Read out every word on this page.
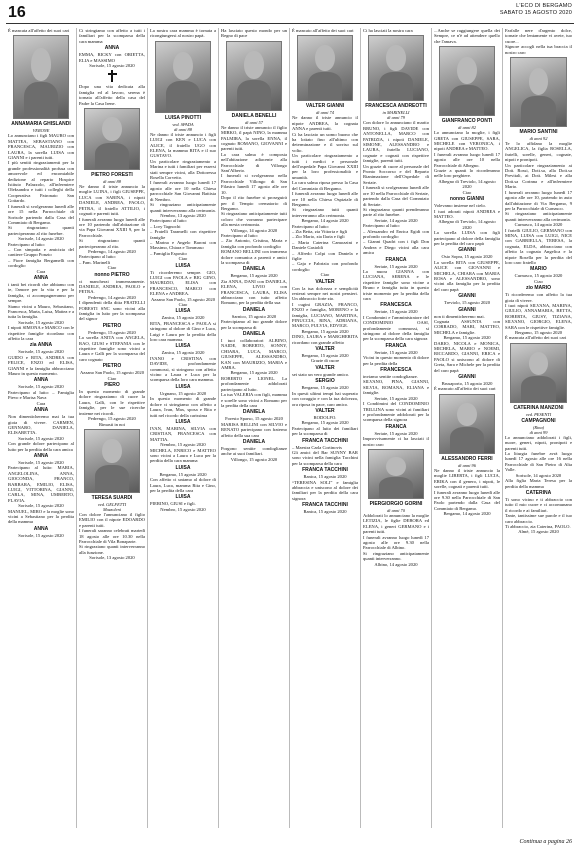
16	L'ECO DI BERGAMO
SABATO 15 AGOSTO 2020
È mancata all'affetto dei suoi cari
ANNAMARIA GHISLANDI
VERONE
Lo annunciano i figli MAURO con MATTEA, SEBASTIANO con FRANCESCA, MAURIZIO con LAURA, la sorella LUISA con GIANNI e i parenti tutti.
I più sentiti ringraziamenti per la grande professionalità profusa con amorevole ed encomiabile dedizione al reparto Hospice Istituto Palazzolo, all'infermiere Oleksandra e tutti i colleghi della Cooperativa Patronato San Gottardo.
I funerali si svolgeranno lunedì alle ore 15 nella Parrocchiale di Sorisole partendo dalla Casa del Commiato di Bergamo.
Si ringraziano quanti parteciperanno al rito funebre.
Sorisole, 14 agosto 2020
Partecipano al lutto:
– Con simpatia e amicizia del cantiere Gruppo Ponzio
– Fiore famiglia Bergamelli con cordoglio
Cara
ANNA
i tanti bei ricordi che abbiamo con te, l'amore per la vita e per la famiglia, ci accompagneranno per sempre.
Siamo vicini a Mauro, Sebastiano, Francesca, Marta, Luisa, Mattea e a tutta la famiglia.
Sorisole, 15 agosto 2020
I nipoti SIMONA e MARCO con le rispettive famiglie ricordano con affetto la cara
zia ANNA
Sorisole, 15 agosto 2020
GUIDO e RITA, ANDREA con FELICE, ENZO ed ELISA, GIANNI e la famiglia abbracciano Mauro in questo momento.
ANNA
Sorisole, 15 agosto 2020
Partecipano al lutto: – Famiglia Pievo e Marisa Nava
Cara
ANNA
Non dimenticheremo mai la tua gioia di vivere. CARMEN, GENNARO, DANIELA, ELISABETTA.
Sorisole, 15 agosto 2020
Con grande dolore partecipano al lutto per la perdita della cara amica
ANNA
Sorisole, 15 agosto 2020
Partecipano al lutto: MARIA, ANGELOLINA, ANNA, GIOCONDA, FRANCO, BARBARA, EMILIO, ELISA, LUIGI, VITTORINA, GIANNI, CARLA, MINA, UMBERTO, FLAVIA.
Sorisole, 15 agosto 2020
MANUEL, MIRO e la moglie sono vicini a Sebastiano per la perdita della mamma
ANNA
Sorisole, 15 agosto 2020
Ci stringiamo con affetto a tutti i familiari per la scomparsa della cara mamma
ANNA
EMMA, RICKY con ORIETTA, ELIA e MASSIMO
Sorisole, 15 agosto 2020
Dopo una vita dedicata alla famiglia ed al lavoro, serena è tornata all'affetto della casa del Padre la Casa Irene.
PIETRO FORESTI
di anni 88
Ne danno il triste annuncio la moglie LUINA, i figli GIUSEPPE, LUCA con SABINA, i nipoti DANIELE, ANDREA, PAOLO, PETRA, il fratello ATTILIO, i cognati e parenti tutti.
I funerali avranno luogo lunedì alle ore 10 partendo dall'abitazione di via Papa Giovanni XXIII 9, per la Parrocchiale.
Si ringraziano quanti parteciperanno al rito.
Pedrengo, 14 agosto 2020
Partecipano al lutto:
– Fam. Marinelli
Ciao
nonno PIETRO
ci mancherai immensamente. DANIELE, ANDREA, PAOLO e PETRA.
Pedrengo, 14 agosto 2020
I dipendenti della ditta FRATELLI FORESTI SNC sono vicini alla famiglia in lutto per la scomparsa del signor
PIETRO
Pedrengo, 15 agosto 2020
La sorella ANITA con ANGELA, RAO, GIUSI e STEFANIA con le rispettive famiglie sono vicini a Laura e Galli per la scomparsa del caro cognato
PIETRO
Azzano San Paolo, 15 agosto 2020
Ciao
PIERO
In questo momento di grande dolore ringraziamo di cuore la Laura, Galli, con le rispettive famiglie, per le sue ricerche insieme nei ricordi.
Pedrengo, 15 agosto 2020
Rimasti in noi
TERESA SUARDI
ved. GELFETTI
Mazzoleni
Con dolore l'annunciano il figlio EMILIO con il nipote EDOARDO e parenti tutti.
I funerali saranno celebrati martedì 18 agosto alle ore 10.30 nella Parrocchiale di Vila Bonaparte.
Si ringraziano quanti interverranno alla funzione.
Sorisole, 13 agosto 2020
La nostra cara mamma è tornata a ricongiungersi al nostro papà.
LUISA PINOTTI
ved. SPADA
di anni 88
Ne danno il triste annuncio i figli LUIGI con KEN e LUCA con ALICE, il fratello UGO con ELENA, la mamma RITA e il suo GUSTAVO.
Un particolare ringraziamento a Marina e tutti i familiari per essersi stati sempre vicini, alla Dottoressa Rosella Corvetto.
I funerali avranno luogo lunedì 17 agosto alle ore 10 nella Chiesa parrocchiale San Giovanni Battista di Nembro.
Si ringraziano anticipatamente quanti interverranno alla cerimonia.
Nembro, 13 agosto 2020
Partecipano al lutto:
– Lory Tagnochi
– Fratelli Taramelli con rispettive famiglie
– Marina e Angelo Baroni con Massimo, Chiara e Tommaso
– Famiglia Esposito
Ciao
LUISA
Ti ricorderemo sempre. GIO, LUIGI con PAOLA e BIG GINO, MAURIZIO, ELISA con FRANCESCO, MARCO con ELENA e ANDREA.
Azzano San Paolo, 15 agosto 2020
Ciao
LUISA
Zanica, 15 agosto 2020
RITA, FRANCESCA e PAOLA si stringono al dolore di Gino e Luca, Luigi e Laura per la perdita della loro cara mamma.
LUISA
Zanica, 15 agosto 2020
IVANO e CRISTINA con DAVIDE, profondamente commossi, si stringono con affetto vicino a Laura e Luca per la scomparsa della loro cara mamma.
LUISA
Urgnano, 15 agosto 2020
In questo momento di grande dolore ci stringiamo con affetto a Laura, Ivan, Max, sposa e Rita e tutti nel ricordo della carissima
LUISA
IVAN, MARINA, SILVIA con CRISTIAN, FRANCESCA con MATTIA.
Nembro, 15 agosto 2020
MICHELA, ENRICO e MATTEO sono vicini a Laura e Luca per la perdita della cara mamma
LUISA
Bergamo, 15 agosto 2020
Con affetto ci uniamo al dolore di Laura, Luca, mamma Rita e Gino, per la perdita della cara
LUISA
PIERINO, GIUSI e figli.
Nembro, 15 agosto 2020
Ha lasciato questo mondo per un Regno di pace
DANIELA BENELLI
di anni 57
Ne danno il triste annuncio il figlio MIRKO, il papà NINO, la mamma PALMIRA, la sorella ENNA, il cognato ROMANO, GIOVANNI e parenti tutti.
La cara salma è composta nell'abitazione adiacente alla Parrocchiale di Villongo Sant'Alberto.
I funerali si svolgeranno nella Parrocchiale Villongo di San Filastro lunedì 17 agosto alle ore 10.
Dopo il rito funebre si proseguirà per il Tempio crematorio di Bergamo.
Si ringraziano anticipatamente tutti coloro che vorranno partecipare alla mesta cerimonia.
Villongo, 14 agosto 2020
Partecipano al lutto:
– Zio Antonio, Cristina, Marta e famiglia con profondo cordoglio
ROMANO BELLINI con immenso dolore comunica a parenti e amici la scomparsa di
DANIELA
Bergamo, 15 agosto 2020
Zia ANNA, DANI con DANIELA, ELENA, LIVIO con FRANCESCA, LAURA, ELISA abbracciano con tutto affetto Romano, per la perdita della sua
DANIELA
Sarnico, 15 agosto 2020
Partecipiamo al tuo grande dolore per la scomparsa di
DANIELA
I tuoi collaboratori ALBINO, NAIDE, ROBERTO, SONNY, CHIARA, LUCA, MARCO, GIUSEPPE, ALESSANDRO, KAN con MAURIZIO, MARIA e AMRA.
Bergamo, 15 agosto 2020
ROBERTO e LIONEL. La profondamente addolorati partecipano al lutto.
La tua VALERIA con figli, mamma e sorelle sono vicini a Romano per la perdita della cara
DANIELA
Foresto Sparso, 15 agosto 2020
MARISA BELLINI con SILVIO e RENATO partecipano con fraterno affetto della sua cara
DANIELA
Porgono sentite condoglianze anche ai suoi familiari.
Villongo, 15 agosto 2020
È mancato all'affetto dei suoi cari
VALTER GIANNI
di anni 74
Ne danno il triste annuncio il nipote ANDREA, la cognata ANNA e parenti tutti.
Ci ha lasciato un uomo buono che ha lottato fino all'ultimo con determinazione e il sorriso sul volto.
Un particolare ringraziamento a tutti i medici e personale dell'ospedale Papa Giovanni XXIII per la loro professionalità e umanità.
La cara salma riposa presso la Casa del Commiato di Bergamo.
I funerali avranno luogo lunedì alle ore 10 nella Chiesa Ospiziale di Bergamo.
Si ringraziano tutti quanti interverranno alla cerimonia.
Bergamo, 14 agosto 2020
Partecipano al lutto:
– Zia Betta, zia Vittoria e figli
– Zio Mario, zia Ilaria e figli
– Maria Caterina Camozzini e Daniele Gastoldi
– Alfredo Colpi con Daniela e figlie
– Gaja e Fabrizia con profondo cordoglio
Ciao
VALTER
Con la tua dolcezza e semplicità resterai sempre nei nostri pensieri. Un abbraccio forte zio.
I cugini GRAZIA, FRANCO, ENZO e famiglia, MORENO e la famiglia, LUCIANO, MARTINA, PINUCCIA, RINA, ADRIANA, MARCO, FULVIA, EDVIGE.
Bergamo, 15 agosto 2020
DINO, LAURA e MARGHERITA ricordano con grande affetto
VALTER
Bergamo, 15 agosto 2020
Grazie di cuore
VALTER
sei stato un vero grande amico.
SERGIO
Bergamo, 15 agosto 2020
In questi ultimi tempi hai superato con coraggio e con la tua dolcezza, ora riposa in pace, caro amico.
VALTER
RODOLFO.
Bergamo, 15 agosto 2020
Partecipano al lutto dei familiari per la scomparsa di
FRANCA TACCHINI
– Maestra Carla Cortinovis
Gli amici del Bar SUNNY BAR sono vicini nella famiglia Tacchini per la scomparsa della cara
FRANCA TACCHINI
Ranica, 15 agosto 2020
“TERESINA SOLI” e famiglia abbraccia e uniscono al dolore dei familiari per la perdita della cara signora
FRANCA TACCHINI
Ranica, 15 agosto 2020
Ci ha lasciati la nostra cara
FRANCESCA ANDREOTTI
in MARINELLI
di anni 79
Con dolore lo annunciano il marito BRUNO, i figli DAVIDE con ANTONELLA, MARCO con PATRIZIA, i nipoti DANIELE, SIMONE, ALESSANDRO e LAURA, fratello LUCIANO, cognate e cognati con rispettive famiglie, parenti tutti.
Un grazie di cuore al personale del Pronto Soccorso e del Reparto Rianimazione dell'Ospedale di Seriate.
I funerali si svolgeranno lunedì alle ore 10 nella Parrocchiale di Seriate, partendo dalla Casa del Commiato di Seriate.
Si ringraziano quanti prenderanno parte al rito funebre.
Seriate, 14 agosto 2020
Partecipano al lutto:
– Alessandro ed Enrica Egidi con profondo cordoglio
– Gianni Quadri con i figli Don Andrea e Diego vicini alla cara amica
FRANCA
Seriate, 15 agosto 2020
La nuora GIANNA con LUCIANA, SERENA e le rispettive famiglie sono vicine a Bruno e famiglia tutta in questo triste momento per la perdita della cara
FRANCESCA
Seriate, 15 agosto 2020
I Condomini e l'amministratore del CONDOMINIO OASI, profondamente commossi, si stringono al dolore della famiglia per la scomparsa della cara signora
FRANCA
Seriate, 15 agosto 2020
Vicini in questo momento di dolore per la perdita della
FRANCESCA
inviamo sentite condoglianze.
SILVANO, PINA, GIANNI, SILVIA, ROMANA, ELIANA e famiglie.
Seriate, 15 agosto 2020
I Condòmini del CONDOMINIO TRILLINA sono vicini ai familiari e profondamente addolorati per la scomparsa della signora
FRANCA
Seriate, 15 agosto 2020
Improvvisamente ci ha lasciati il nostro caro
PIERGIORGIO GORINI
di anni 70
Addolorati lo annunciano la moglie LETIZIA, le figlie DEBORA ed ELENA, i generi GERMANO e i parenti tutti.
I funerali avranno luogo lunedì 17 agosto alle ore 9.30 nella Parrocchiale di Albino.
Si ringraziano anticipatamente quanti interverranno.
Albino, 14 agosto 2020
...Anche se raggiungere quella dei Sempre, ce n'è ad attendere quello che l'amava.
GIANFRANCO PONTI
di anni 82
Lo annunciano la moglie, i figli GRETA con GIUSEPPE, SARA, MICHELE con VERONICA, i nipoti ANDREA e MATTEO.
I funerali avranno luogo lunedì 17 agosto alle ore 10 nella Parrocchiale di Albegno.
Grazie a quanti lo ricorderanno nelle loro preghiere.
Albegno di Treviolo, 14 agosto 2020
Ciao
nonno GIANNI
Volevamo insieme nel cielo.
I tuoi adorati nipoti ANDREA e MATTEO.
Albegno di Treviolo, 14 agosto 2020
La sorella LUISA con figli partecipano al dolore della famiglia per la perdita del caro papà
GIANNI
Osio Sopra, 15 agosto 2020
La sorella RITA con GIUSEPPE, ALICE con GIOVANNI e MICHELA, CHIARA con MARIA ROSA e ALESSANDRO, sono vicini alla famiglia per la perdita del caro papà
GIANNI
Treviolo, 15 agosto 2020
GIANNI
non ti dimenticheremo mai.
Cognata ASSUNTA con CORRADO, MARI, MATTEO, MICHELA e famiglie.
Bergamo, 15 agosto 2020
DARIO, NICOLA e MONICA, MICHELA, MARIO e NOEMI, RICCARDO, GIANNI, ERICA e PAOLO si uniscono al dolore di Greta, Sara e Michele per la perdita del caro papà
GIANNI
Brusaporto, 15 agosto 2020
È mancato all'affetto dei suoi cari
ALESSANDRO FERRI
di anni 96
Ne danno il triste annuncio la moglie LIBERTA, i figli LUCIA, ERIKA con il genero, i nipoti, le sorelle, cognati e parenti tutti.
I funerali avranno luogo lunedì alle ore 9.30 nella Parrocchiale di San Paolo partendo dalla Casa del Commiato di Bergamo.
Bergamo, 14 agosto 2020
Farfalle nere d'argento dolce, tornate che lentamente vi avete, tuo cuore...
Signore accogli nella tua braccia il nostro caro
MARIO SANTINI
di anni 92
Te lo affidano la moglie ANGELICA, la figlia ROSELLA, fratelli, sorelle, generi, cognate, nipoti e pronipoti.
Un particolare ringraziamento ai Dott. Rossi, Dott.sa, alla Dott.sa Previtali, ai Dott. Milesi e alla Dott.sa Corinna e all'infermiere Mario.
I funerali avranno luogo lunedì 17 agosto alle ore 10, partendo in auto dall'abitazione di Via Bergamo, 9 per la Parrocchiale di Curnasco.
Si ringraziano anticipatamente quanti interverranno alla cerimonia.
Curnasco, 14 agosto 2020
I fratelli GIULIO, GERMANO con MINA, LUISA con LUIGI, NICE con GABRIELLA, TERESA, la cognata, ELDA, abbracciano con affetto la cognata Angelica e la nipote Rosella per la perdita del loro caro fratello
MARIO
Curnasco, 15 agosto 2020
Ciao
zio MARIO
Ti ricorderemo con affetto la tua gioia di vivere.
I tuoi nipoti SILVANA, MARINA, GIULIO, ANNAMARIA, BETTA, ROBERTA, GIUSY, TIZIANA, SILVANO, GIORGIO, ELENA, SARA con le rispettive famiglie.
Bergamo, 15 agosto 2020
È mancata all'affetto dei suoi cari
CATERINA MANZONI
ved. PESENTI
CAMPAGNONI
(Rina)
di anni 99
Lo annunciano addolorati i figli, nuore, generi, nipoti, pronipoti e parenti tutti.
La liturgia funebre avrà luogo lunedì 17 agosto alle ore 16 nella Parrocchiale di San Pietro di Alta Valle.
Sorisole, 14 agosto 2020
Alla figlia Maria Teresa per la perdita della mamma
CATERINA
Ti sono vicino e ti abbraccio con tutto il mio cuore e ci accomunano il ricordo e ai familiari.
Tante, tantissime sue parole e il tuo caro abbraccio.
Ti abbraccio, zia Caterina, PAOLO.
Almè, 15 agosto 2020
Continua a pagina 26
